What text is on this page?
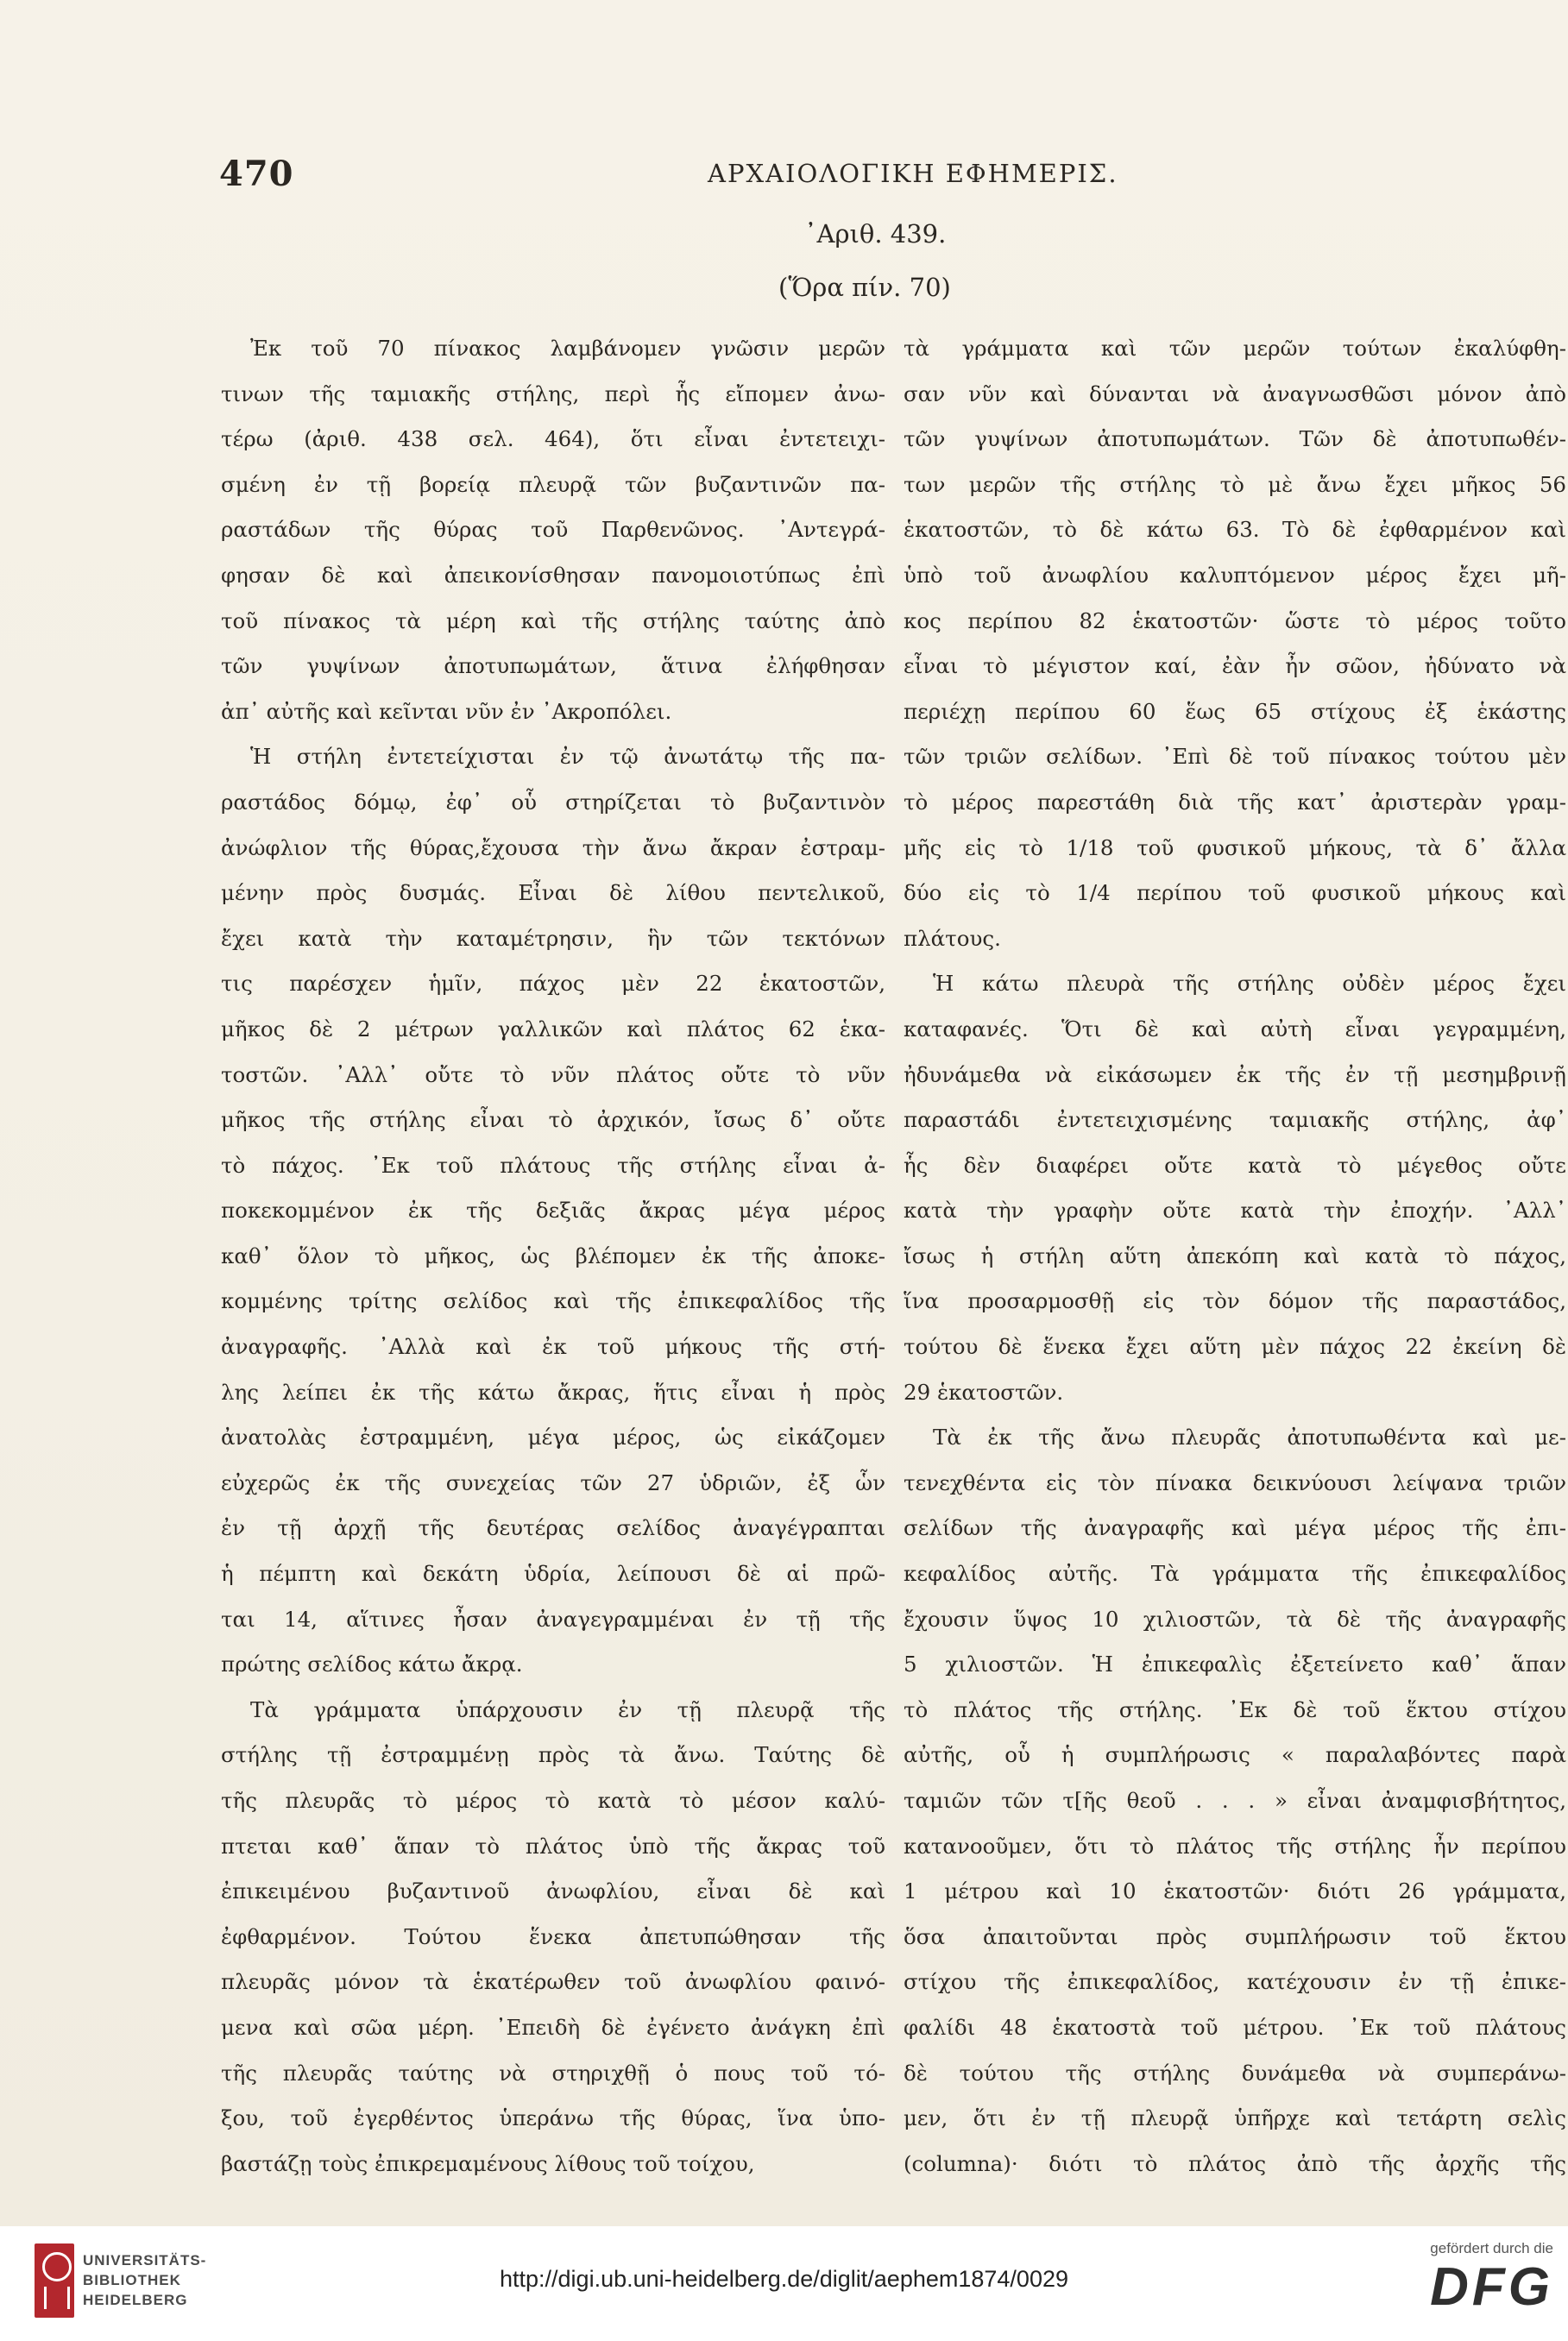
470	ΑΡΧΑΙΟΛΟΓΙΚΗ ΕΦΗΜΕΡΙΣ.
᾿Αριθ. 439.
(Ὅρα πίν. 70)
Ἐκ τοῦ 70 πίνακος λαμβάνομεν γνῶσιν μερῶν
τινων τῆς ταμιακῆς στήλης, περὶ ἧς εἴπομεν ἀνω-
τέρω (ἀριθ. 438 σελ. 464), ὅτι εἶναι ἐντετειχι-
σμένη ἐν τῇ βορείᾳ πλευρᾷ τῶν βυζαντινῶν πα-
ραστάδων τῆς θύρας τοῦ Παρθενῶνος. ᾿Αντεγρά-
φησαν δὲ καὶ ἀπεικονίσθησαν πανομοιοτύπως ἐπὶ
τοῦ πίνακος τὰ μέρη καὶ τῆς στήλης ταύτης ἀπὸ
τῶν γυψίνων ἀποτυπωμάτων, ἅτινα ἐλήφθησαν
ἀπ᾿ αὐτῆς καὶ κεῖνται νῦν ἐν ᾿Ακροπόλει.
Ἡ στήλη ἐντετείχισται ἐν τῷ ἀνωτάτῳ τῆς πα-
ραστάδος δόμῳ, ἐφ᾿ οὗ στηρίζεται τὸ βυζαντινὸν
ἀνώφλιον τῆς θύρας,ἔχουσα τὴν ἄνω ἄκραν ἐστραμ-
μένην πρὸς δυσμάς. Εἶναι δὲ λίθου πεντελικοῦ,
ἔχει κατὰ τὴν καταμέτρησιν, ἣν τῶν τεκτόνων
τις παρέσχεν ἡμῖν, πάχος μὲν 22 ἑκατοστῶν,
μῆκος δὲ 2 μέτρων γαλλικῶν καὶ πλάτος 62 ἑκα-
τοστῶν. ᾿Αλλ᾿ οὔτε τὸ νῦν πλάτος οὔτε τὸ νῦν
μῆκος τῆς στήλης εἶναι τὸ ἀρχικόν, ἴσως δ᾿ οὔτε
τὸ πάχος. ᾿Εκ τοῦ πλάτους τῆς στήλης εἶναι ἀ-
ποκεκομμένον ἐκ τῆς δεξιᾶς ἄκρας μέγα μέρος
καθ᾿ ὅλον τὸ μῆκος, ὡς βλέπομεν ἐκ τῆς ἀποκε-
κομμένης τρίτης σελίδος καὶ τῆς ἐπικεφαλίδος τῆς
ἀναγραφῆς. ᾿Αλλὰ καὶ ἐκ τοῦ μήκους τῆς στή-
λης λείπει ἐκ τῆς κάτω ἄκρας, ἥτις εἶναι ἡ πρὸς
ἀνατολὰς ἐστραμμένη, μέγα μέρος, ὡς εἰκάζομεν
εὐχερῶς ἐκ τῆς συνεχείας τῶν 27 ὑδριῶν, ἐξ ὧν
ἐν τῇ ἀρχῇ τῆς δευτέρας σελίδος ἀναγέγραπται
ἡ πέμπτη καὶ δεκάτη ὑδρία, λείπουσι δὲ αἱ πρῶ-
ται 14, αἵτινες ἦσαν ἀναγεγραμμέναι ἐν τῇ τῆς
πρώτης σελίδος κάτω ἄκρᾳ.
Τὰ γράμματα ὑπάρχουσιν ἐν τῇ πλευρᾷ τῆς
στήλης τῇ ἐστραμμένῃ πρὸς τὰ ἄνω. Ταύτης δὲ
τῆς πλευρᾶς τὸ μέρος τὸ κατὰ τὸ μέσον καλύ-
πτεται καθ᾿ ἅπαν τὸ πλάτος ὑπὸ τῆς ἄκρας τοῦ
ἐπικειμένου βυζαντινοῦ ἀνωφλίου, εἶναι δὲ καὶ
ἐφθαρμένον. Τούτου ἕνεκα ἀπετυπώθησαν τῆς
πλευρᾶς μόνον τὰ ἑκατέρωθεν τοῦ ἀνωφλίου φαινό-
μενα καὶ σῶα μέρη. ᾿Επειδὴ δὲ ἐγένετο ἀνάγκη ἐπὶ
τῆς πλευρᾶς ταύτης νὰ στηριχθῇ ὁ πους τοῦ τό-
ξου, τοῦ ἐγερθέντος ὑπεράνω τῆς θύρας, ἵνα ὑπο-
βαστάζῃ τοὺς ἐπικρεμαμένους λίθους τοῦ τοίχου,
τὰ γράμματα καὶ τῶν μερῶν τούτων ἐκαλύφθη-
σαν νῦν καὶ δύνανται νὰ ἀναγνωσθῶσι μόνον ἀπὸ
τῶν γυψίνων ἀποτυπωμάτων. Τῶν δὲ ἀποτυπωθέν-
των μερῶν τῆς στήλης τὸ μὲ ἄνω ἔχει μῆκος 56
ἑκατοστῶν, τὸ δὲ κάτω 63. Τὸ δὲ ἐφθαρμένον καὶ
ὑπὸ τοῦ ἀνωφλίου καλυπτόμενον μέρος ἔχει μῆ-
κος περίπου 82 ἑκατοστῶν· ὥστε τὸ μέρος τοῦτο
εἶναι τὸ μέγιστον καί, ἐὰν ἦν σῶον, ἠδύνατο νὰ
περιέχῃ περίπου 60 ἕως 65 στίχους ἐξ ἑκάστης
τῶν τριῶν σελίδων. ᾿Επὶ δὲ τοῦ πίνακος τούτου μὲν
τὸ μέρος παρεστάθη διὰ τῆς κατ᾿ ἀριστερὰν γραμ-
μῆς εἰς τὸ 1/18 τοῦ φυσικοῦ μήκους, τὰ δ᾿ ἄλλα
δύο εἰς τὸ 1/4 περίπου τοῦ φυσικοῦ μήκους καὶ
πλάτους.
Ἡ κάτω πλευρὰ τῆς στήλης οὐδὲν μέρος ἔχει
καταφανές. Ὅτι δὲ καὶ αὐτὴ εἶναι γεγραμμένη,
ἠδυνάμεθα νὰ εἰκάσωμεν ἐκ τῆς ἐν τῇ μεσημβρινῇ
παραστάδι ἐντετειχισμένης ταμιακῆς στήλης, ἀφ᾿
ἧς δὲν διαφέρει οὔτε κατὰ τὸ μέγεθος οὔτε
κατὰ τὴν γραφὴν οὔτε κατὰ τὴν ἐποχήν. ᾿Αλλ᾿
ἴσως ἡ στήλη αὕτη ἀπεκόπη καὶ κατὰ τὸ πάχος,
ἵνα προσαρμοσθῇ εἰς τὸν δόμον τῆς παραστάδος,
τούτου δὲ ἕνεκα ἔχει αὕτη μὲν πάχος 22 ἐκείνη δὲ
29 ἑκατοστῶν.
Τὰ ἐκ τῆς ἄνω πλευρᾶς ἀποτυπωθέντα καὶ με-
τενεχθέντα εἰς τὸν πίνακα δεικνύουσι λείψανα τριῶν
σελίδων τῆς ἀναγραφῆς καὶ μέγα μέρος τῆς ἐπι-
κεφαλίδος αὐτῆς. Τὰ γράμματα τῆς ἐπικεφαλίδος
ἔχουσιν ὕψος 10 χιλιοστῶν, τὰ δὲ τῆς ἀναγραφῆς
5 χιλιοστῶν. Ἡ ἐπικεφαλὶς ἐξετείνετο καθ᾿ ἅπαν
τὸ πλάτος τῆς στήλης. ᾿Εκ δὲ τοῦ ἕκτου στίχου
αὐτῆς, οὗ ἡ συμπλήρωσις « παραλαβόντες παρὰ
ταμιῶν τῶν τ[ῆς θεοῦ . . . » εἶναι ἀναμφισβήτητος,
κατανοοῦμεν, ὅτι τὸ πλάτος τῆς στήλης ἦν περίπου
1 μέτρου καὶ 10 ἑκατοστῶν· διότι 26 γράμματα,
ὅσα ἀπαιτοῦνται πρὸς συμπλήρωσιν τοῦ ἕκτου
στίχου τῆς ἐπικεφαλίδος, κατέχουσιν ἐν τῇ ἐπικε-
φαλίδι 48 ἑκατοστὰ τοῦ μέτρου. ᾿Εκ τοῦ πλάτους
δὲ τούτου τῆς στήλης δυνάμεθα νὰ συμπεράνω-
μεν, ὅτι ἐν τῇ πλευρᾷ ὑπῆρχε καὶ τετάρτη σελὶς
(columna)· διότι τὸ πλάτος ἀπὸ τῆς ἀρχῆς τῆς
UNIVERSITÄTS-
BIBLIOTHEK
HEIDELBERG
http://digi.ub.uni-heidelberg.de/diglit/aephem1874/0029
gefördert durch die
DFG
